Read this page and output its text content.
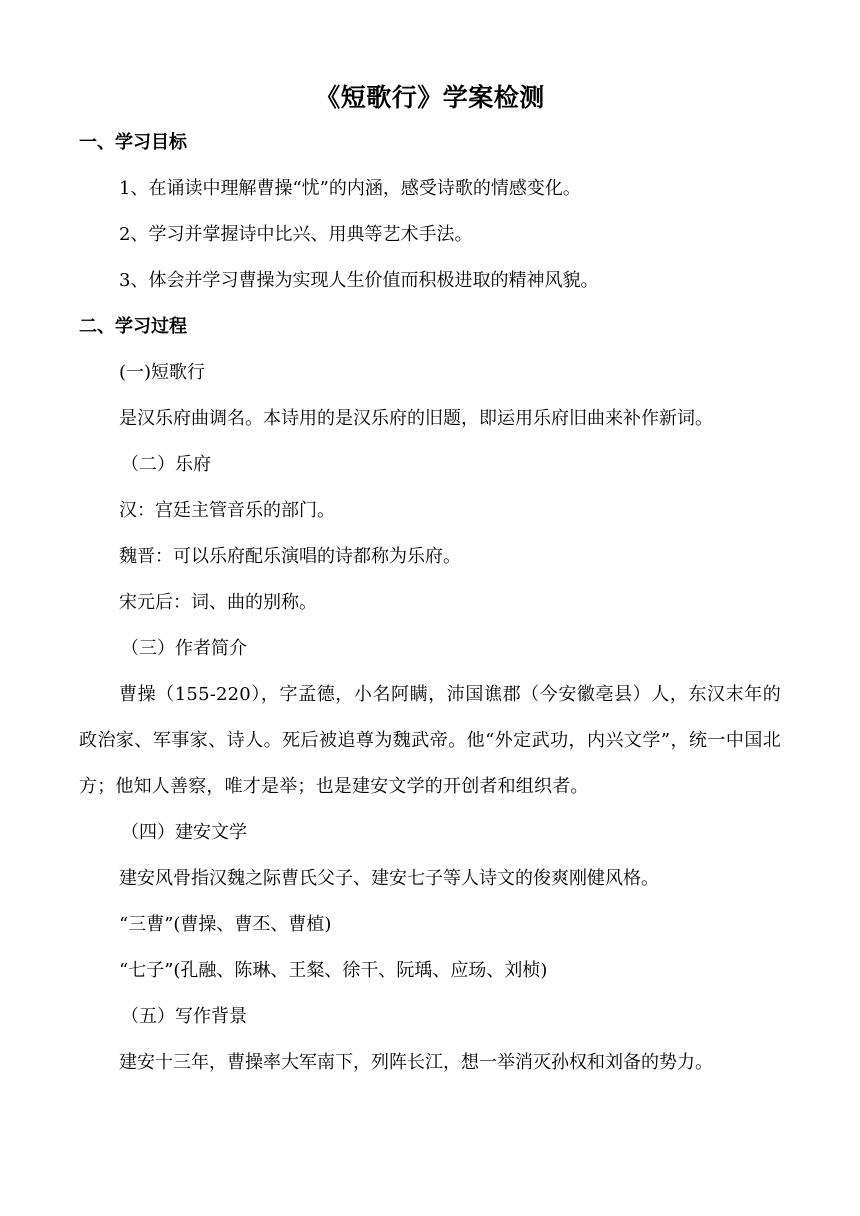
《短歌行》学案检测
一、学习目标
1、在诵读中理解曹操“忧”的内涵，感受诗歌的情感变化。
2、学习并掌握诗中比兴、用典等艺术手法。
3、体会并学习曹操为实现人生价值而积极进取的精神风貌。
二、学习过程
(一)短歌行
是汉乐府曲调名。本诗用的是汉乐府的旧题，即运用乐府旧曲来补作新词。
（二）乐府
汉：宫廷主管音乐的部门。
魏晋：可以乐府配乐演唱的诗都称为乐府。
宋元后：词、曲的别称。
（三）作者简介
曹操（155-220），字孟德，小名阿瞒，沛国谯郡（今安徽亳县）人，东汉末年的政治家、军事家、诗人。死后被追尊为魏武帝。他“外定武功，内兴文学”，统一中国北方；他知人善察，唯才是举；也是建安文学的开创者和组织者。
（四）建安文学
建安风骨指汉魏之际曹氏父子、建安七子等人诗文的俊爽刚健风格。
“三曹”(曹操、曹丕、曹植)
“七子”(孔融、陈琳、王粲、徐干、阮瑀、应玚、刘桢)
（五）写作背景
建安十三年，曹操率大军南下，列阵长江，想一举消灭孙权和刘备的势力。
